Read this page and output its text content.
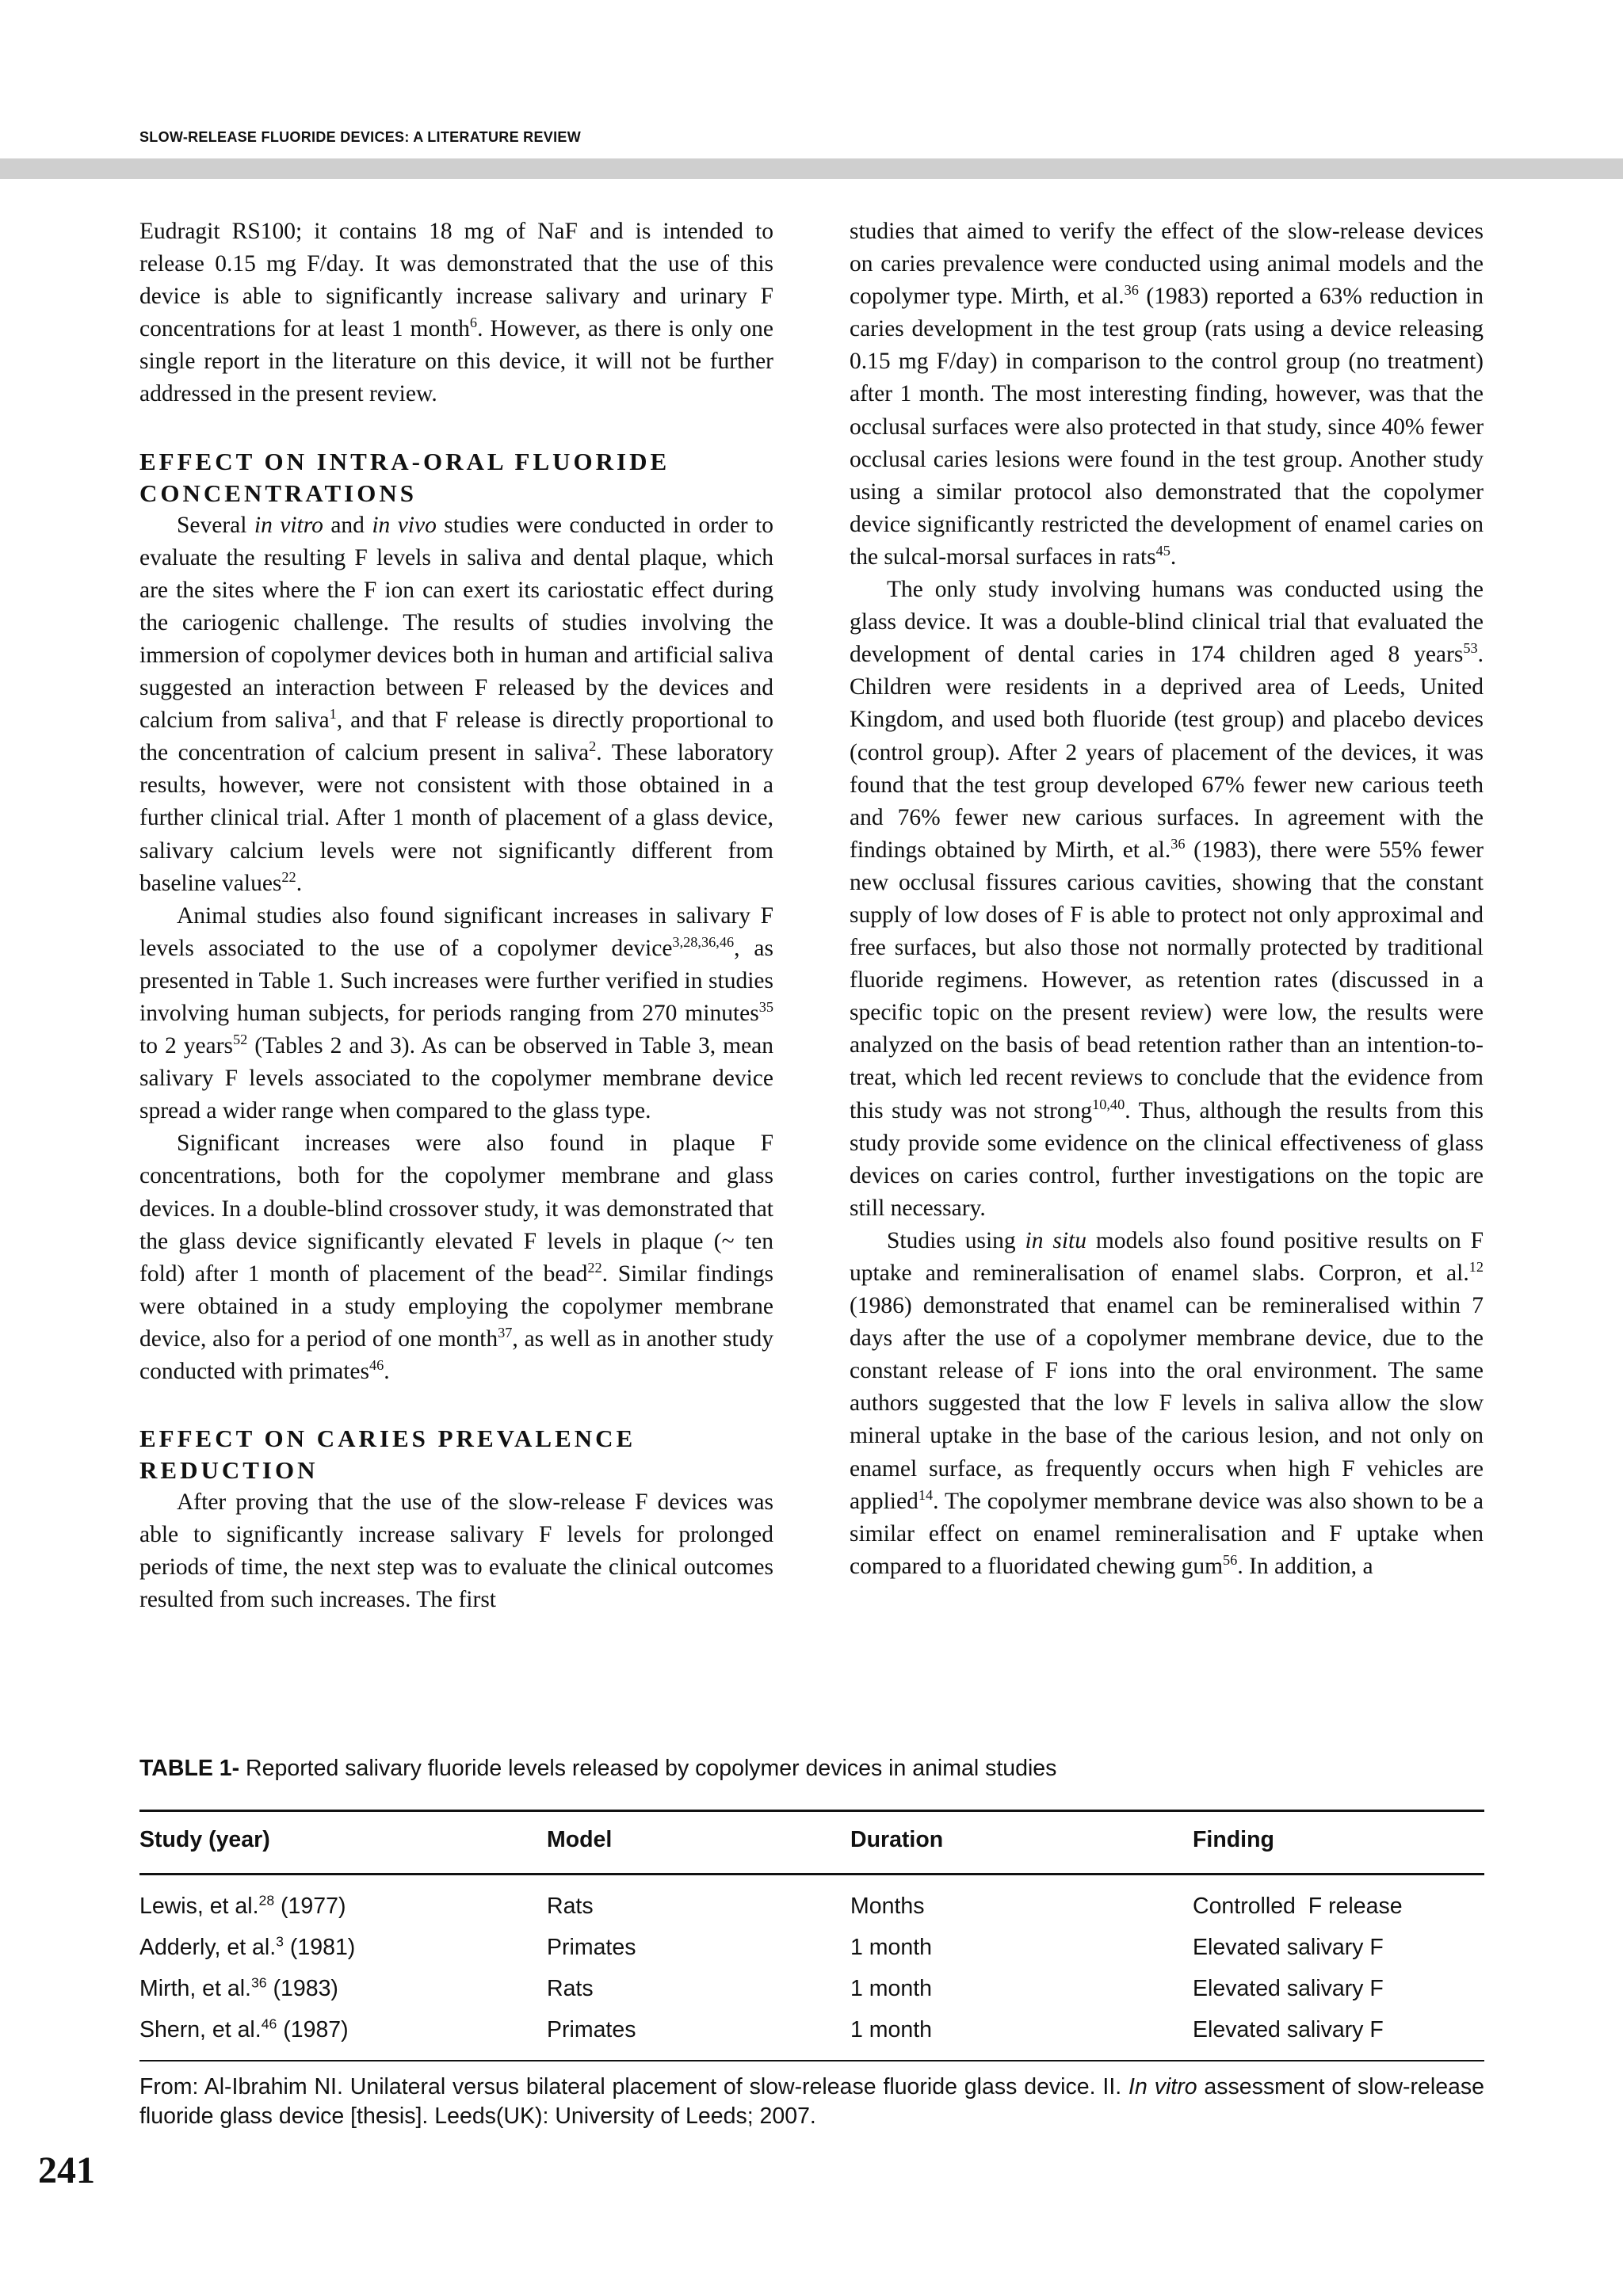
SLOW-RELEASE FLUORIDE DEVICES: A LITERATURE REVIEW

Eudragit RS100; it contains 18 mg of NaF and is intended to release 0.15 mg F/day. It was demonstrated that the use of this device is able to significantly increase salivary and urinary F concentrations for at least 1 month$^6$. However, as there is only one single report in the literature on this device, it will not be further addressed in the present review.

EFFECT ON INTRA-ORAL FLUORIDE CONCENTRATIONS

Several in vitro and in vivo studies were conducted in order to evaluate the resulting F levels in saliva and dental plaque, which are the sites where the F ion can exert its cariostatic effect during the cariogenic challenge. The results of studies involving the immersion of copolymer devices both in human and artificial saliva suggested an interaction between F released by the devices and calcium from saliva$^1$, and that F release is directly proportional to the concentration of calcium present in saliva$^2$. These laboratory results, however, were not consistent with those obtained in a further clinical trial. After 1 month of placement of a glass device, salivary calcium levels were not significantly different from baseline values$^{22}$.

Animal studies also found significant increases in salivary F levels associated to the use of a copolymer device$^{3,28,36,46}$, as presented in Table 1. Such increases were further verified in studies involving human subjects, for periods ranging from 270 minutes$^{35}$ to 2 years$^{52}$ (Tables 2 and 3). As can be observed in Table 3, mean salivary F levels associated to the copolymer membrane device spread a wider range when compared to the glass type.

Significant increases were also found in plaque F concentrations, both for the copolymer membrane and glass devices. In a double-blind crossover study, it was demonstrated that the glass device significantly elevated F levels in plaque (~ ten fold) after 1 month of placement of the bead$^{22}$. Similar findings were obtained in a study employing the copolymer membrane device, also for a period of one month$^{37}$, as well as in another study conducted with primates$^{46}$.

EFFECT ON CARIES PREVALENCE REDUCTION

After proving that the use of the slow-release F devices was able to significantly increase salivary F levels for prolonged periods of time, the next step was to evaluate the clinical outcomes resulted from such increases. The first

studies that aimed to verify the effect of the slow-release devices on caries prevalence were conducted using animal models and the copolymer type. Mirth, et al.$^{36}$ (1983) reported a 63% reduction in caries development in the test group (rats using a device releasing 0.15 mg F/day) in comparison to the control group (no treatment) after 1 month. The most interesting finding, however, was that the occlusal surfaces were also protected in that study, since 40% fewer occlusal caries lesions were found in the test group. Another study using a similar protocol also demonstrated that the copolymer device significantly restricted the development of enamel caries on the sulcal-morsal surfaces in rats$^{45}$.

The only study involving humans was conducted using the glass device. It was a double-blind clinical trial that evaluated the development of dental caries in 174 children aged 8 years$^{53}$. Children were residents in a deprived area of Leeds, United Kingdom, and used both fluoride (test group) and placebo devices (control group). After 2 years of placement of the devices, it was found that the test group developed 67% fewer new carious teeth and 76% fewer new carious surfaces. In agreement with the findings obtained by Mirth, et al.$^{36}$ (1983), there were 55% fewer new occlusal fissures carious cavities, showing that the constant supply of low doses of F is able to protect not only approximal and free surfaces, but also those not normally protected by traditional fluoride regimens. However, as retention rates (discussed in a specific topic on the present review) were low, the results were analyzed on the basis of bead retention rather than an intention-to-treat, which led recent reviews to conclude that the evidence from this study was not strong$^{10,40}$. Thus, although the results from this study provide some evidence on the clinical effectiveness of glass devices on caries control, further investigations on the topic are still necessary.

Studies using in situ models also found positive results on F uptake and remineralisation of enamel slabs. Corpron, et al.$^{12}$ (1986) demonstrated that enamel can be remineralised within 7 days after the use of a copolymer membrane device, due to the constant release of F ions into the oral environment. The same authors suggested that the low F levels in saliva allow the slow mineral uptake in the base of the carious lesion, and not only on enamel surface, as frequently occurs when high F vehicles are applied$^{14}$. The copolymer membrane device was also shown to be a similar effect on enamel remineralisation and F uptake when compared to a fluoridated chewing gum$^{56}$. In addition, a

TABLE 1- Reported salivary fluoride levels released by copolymer devices in animal studies
Study (year)	Model	Duration	Finding
Lewis, et al.$^{28}$ (1977)	Rats	Months	Controlled  F release
Adderly, et al.$^3$ (1981)	Primates	1 month	Elevated salivary F
Mirth, et al.$^{36}$ (1983)	Rats	1 month	Elevated salivary F
Shern, et al.$^{46}$ (1987)	Primates	1 month	Elevated salivary F
From: Al-Ibrahim NI. Unilateral versus bilateral placement of slow-release fluoride glass device. II. In vitro assessment of slow-release fluoride glass device [thesis]. Leeds(UK): University of Leeds; 2007.
241
